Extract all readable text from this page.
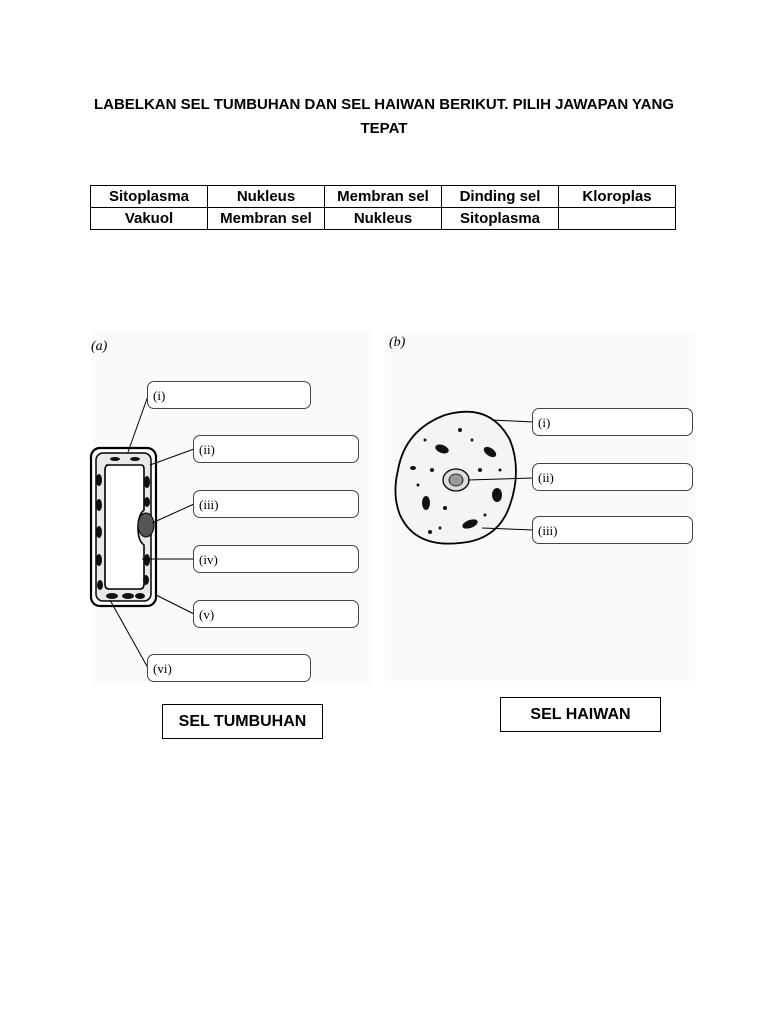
LABELKAN SEL TUMBUHAN DAN SEL HAIWAN BERIKUT. PILIH JAWAPAN YANG TEPAT
Sitoplasma	Nukleus	Membran sel	Dinding sel	Kloroplas
Vakuol	Membran sel	Nukleus	Sitoplasma	
(a)	(b)
(i)
(ii)
(iii)
(iv)
(v)
(vi)
(i)
(ii)
(iii)
SEL TUMBUHAN	SEL HAIWAN
